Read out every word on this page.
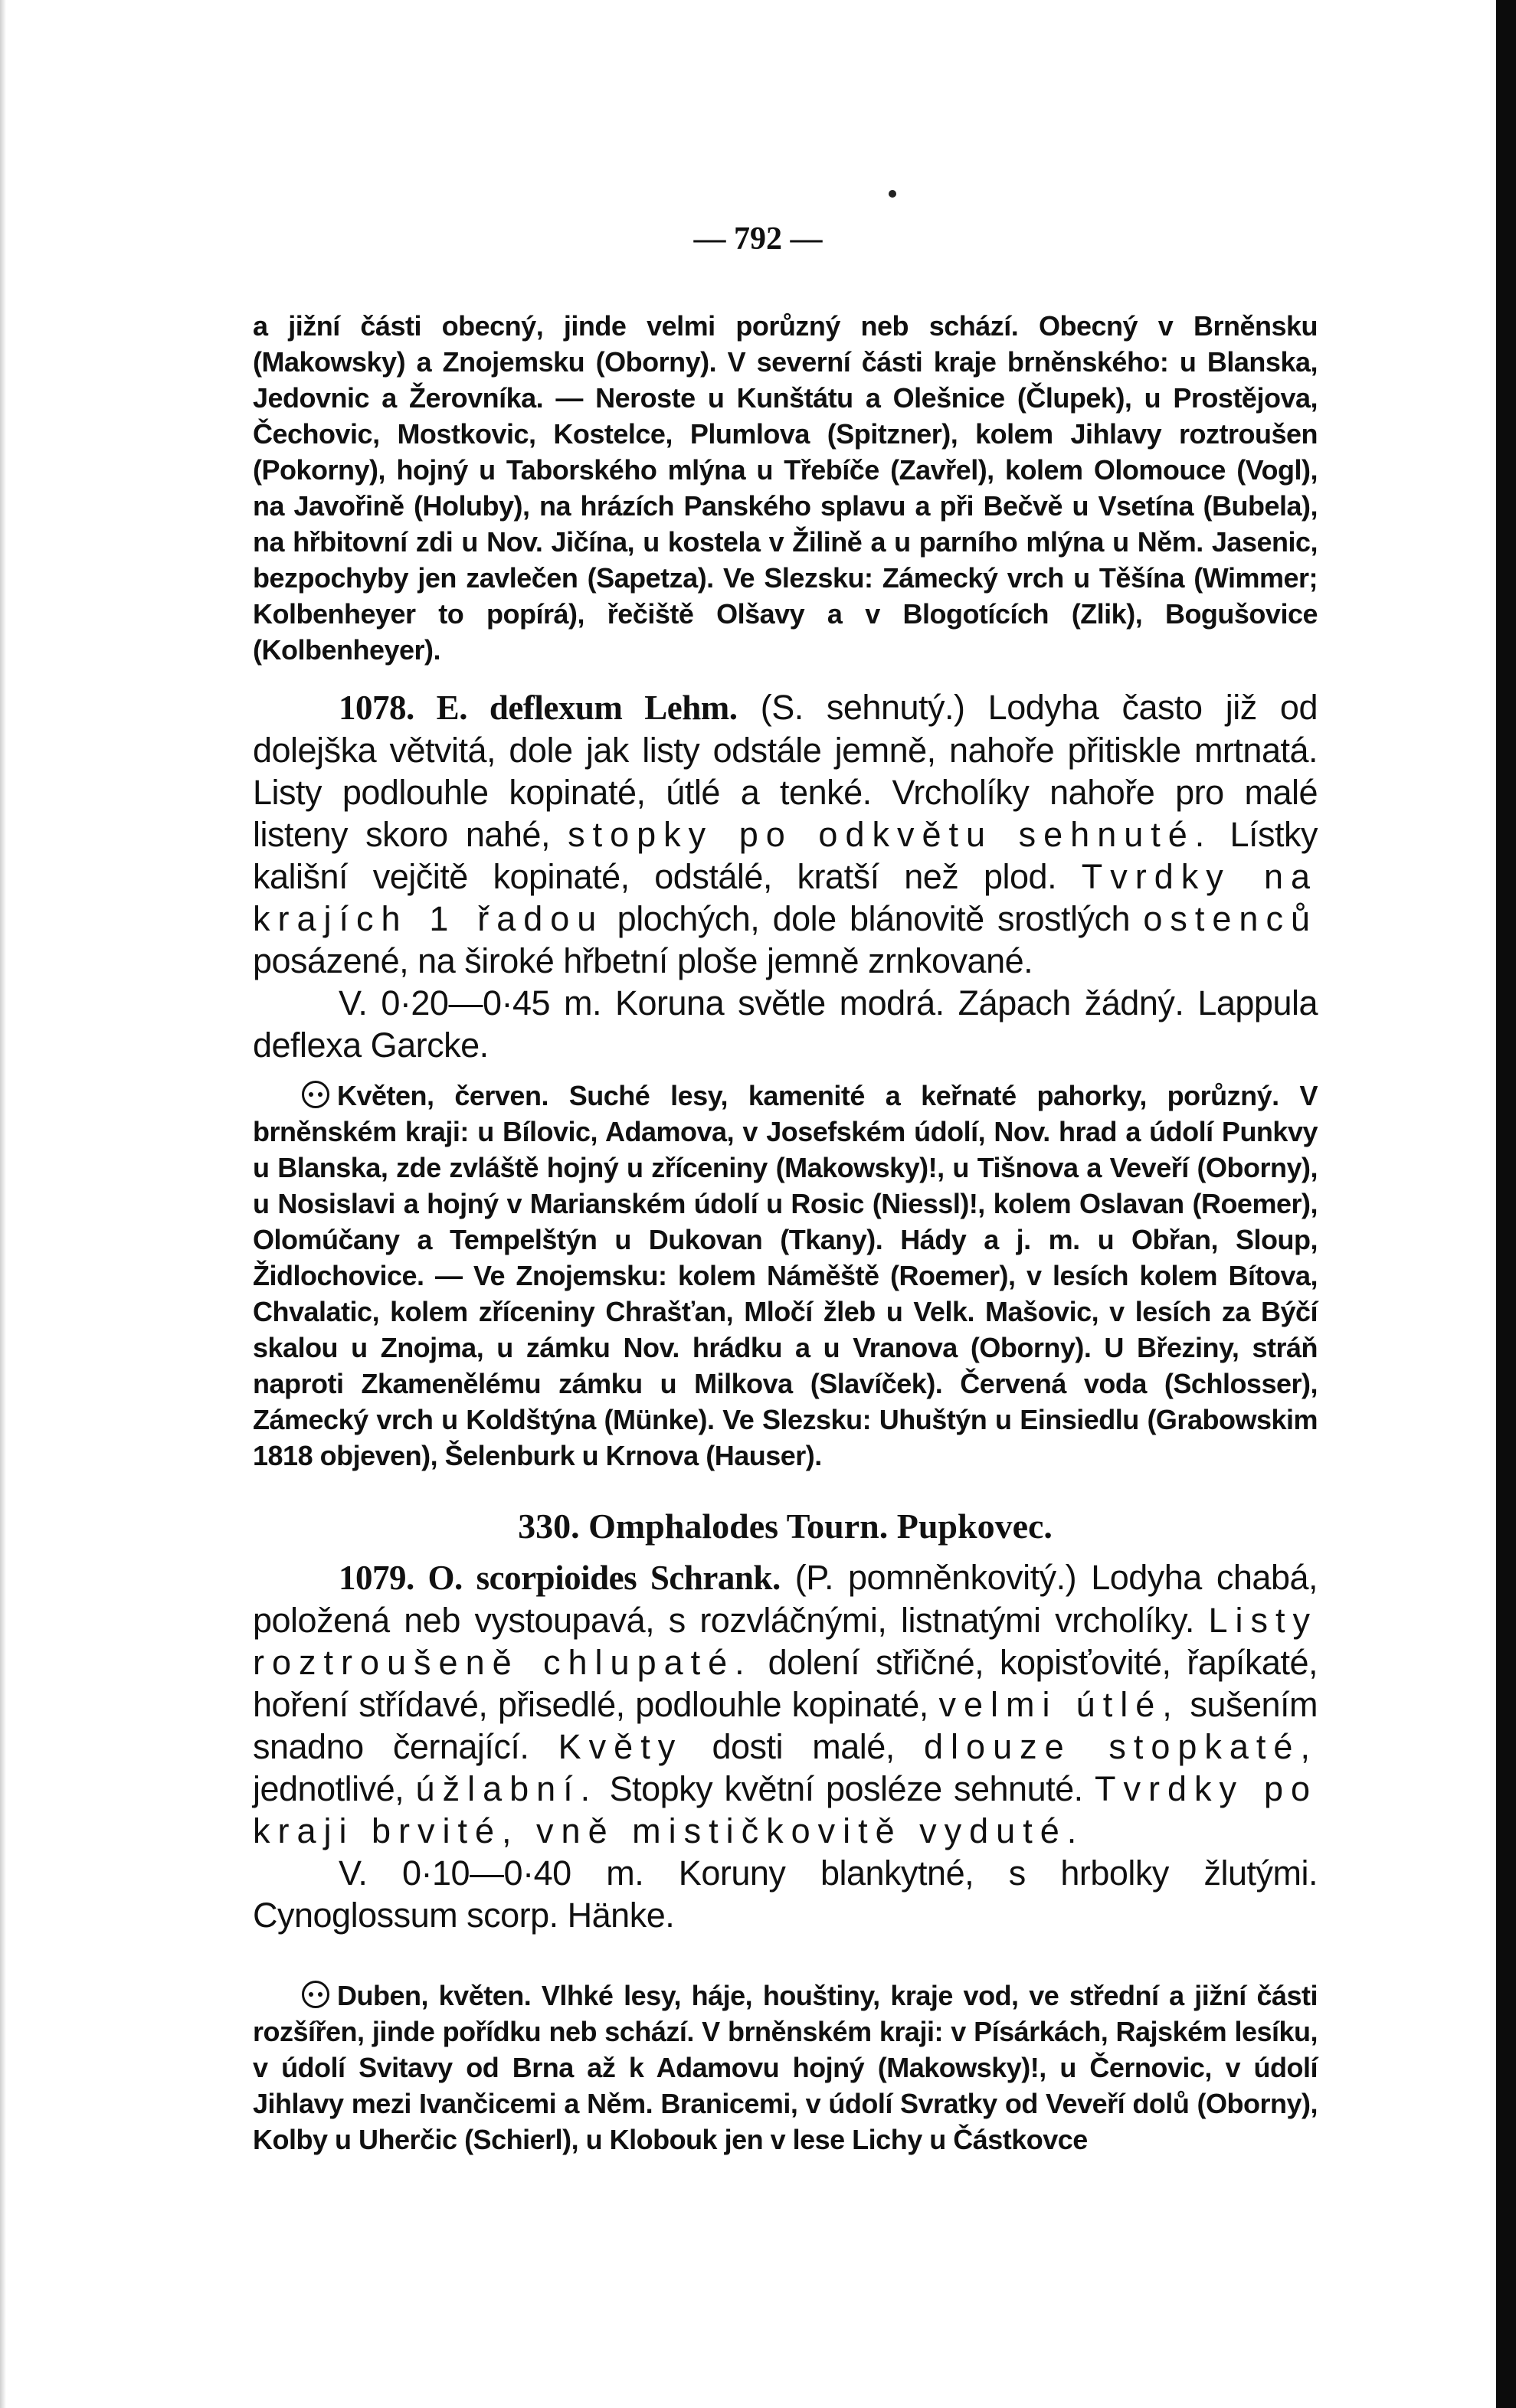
— 792 —

a jižní části obecný, jinde velmi porůzný neb schází. Obecný v Brněnsku (Makowsky) a Znojemsku (Oborny). V severní části kraje brněnského: u Blanska, Jedovnic a Žerovníka. — Neroste u Kunštátu a Olešnice (Člupek), u Prostějova, Čechovic, Mostkovic, Kostelce, Plumlova (Spitzner), kolem Jihlavy roztroušen (Pokorny), hojný u Taborského mlýna u Třebíče (Zavřel), kolem Olomouce (Vogl), na Javořině (Holuby), na hrázích Panského splavu a při Bečvě u Vsetína (Bubela), na hřbitovní zdi u Nov. Jičína, u kostela v Žilině a u parního mlýna u Něm. Jasenic, bezpochyby jen zavlečen (Sapetza). Ve Slezsku: Zámecký vrch u Těšína (Wimmer; Kolbenheyer to popírá), řečiště Olšavy a v Blogotících (Zlik), Bogušovice (Kolbenheyer).

1078. E. deflexum Lehm. (S. sehnutý.) Lodyha často již od dolejška větvitá, dole jak listy odstále jemně, nahoře přitiskle mrtnatá. Listy podlouhle kopinaté, útlé a tenké. Vrcholíky nahoře pro malé listeny skoro nahé, stopky po odkvětu sehnuté. Lístky kališní vejčitě kopinaté, odstálé, kratší než plod. Tvrdky na krajích 1 řadou plochých, dole blánovitě srostlých ostenců posázené, na široké hřbetní ploše jemně zrnkované.

V. 0·20—0·45 m. Koruna světle modrá. Zápach žádný. Lappula deflexa Garcke.

Květen, červen. Suché lesy, kamenité a keřnaté pahorky, porůzný. V brněnském kraji: u Bílovic, Adamova, v Josefském údolí, Nov. hrad a údolí Punkvy u Blanska, zde zvláště hojný u zříceniny (Makowsky)!, u Tišnova a Veveří (Oborny), u Nosislavi a hojný v Marianském údolí u Rosic (Niessl)!, kolem Oslavan (Roemer), Olomúčany a Tempelštýn u Dukovan (Tkany). Hády a j. m. u Obřan, Sloup, Židlochovice. — Ve Znojemsku: kolem Náměště (Roemer), v lesích kolem Bítova, Chvalatic, kolem zříceniny Chrašťan, Mločí žleb u Velk. Mašovic, v lesích za Býčí skalou u Znojma, u zámku Nov. hrádku a u Vranova (Oborny). U Březiny, stráň naproti Zkamenělému zámku u Milkova (Slavíček). Červená voda (Schlosser), Zámecký vrch u Koldštýna (Münke). Ve Slezsku: Uhuštýn u Einsiedlu (Grabowskim 1818 objeven), Šelenburk u Krnova (Hauser).

330. Omphalodes Tourn. Pupkovec.

1079. O. scorpioides Schrank. (P. pomněnkovitý.) Lodyha chabá, položená neb vystoupavá, s rozvláčnými, listnatými vrcholíky. Listy roztroušeně chlupaté. dolení střičné, kopisťovité, řapíkaté, hoření střídavé, přisedlé, podlouhle kopinaté, velmi útlé, sušením snadno černající. Květy dosti malé, dlouze stopkaté, jednotlivé, úžlabní. Stopky květní posléze sehnuté. Tvrdky po kraji brvité, vně mističkovitě vyduté.

V. 0·10—0·40 m. Koruny blankytné, s hrbolky žlutými. Cynoglossum scorp. Hänke.

Duben, květen. Vlhké lesy, háje, houštiny, kraje vod, ve střední a jižní části rozšířen, jinde pořídku neb schází. V brněnském kraji: v Písárkách, Rajském lesíku, v údolí Svitavy od Brna až k Adamovu hojný (Makowsky)!, u Černovic, v údolí Jihlavy mezi Ivančicemi a Něm. Branicemi, v údolí Svratky od Veveří dolů (Oborny), Kolby u Uherčic (Schierl), u Klobouk jen v lese Lichy u Částkovce
